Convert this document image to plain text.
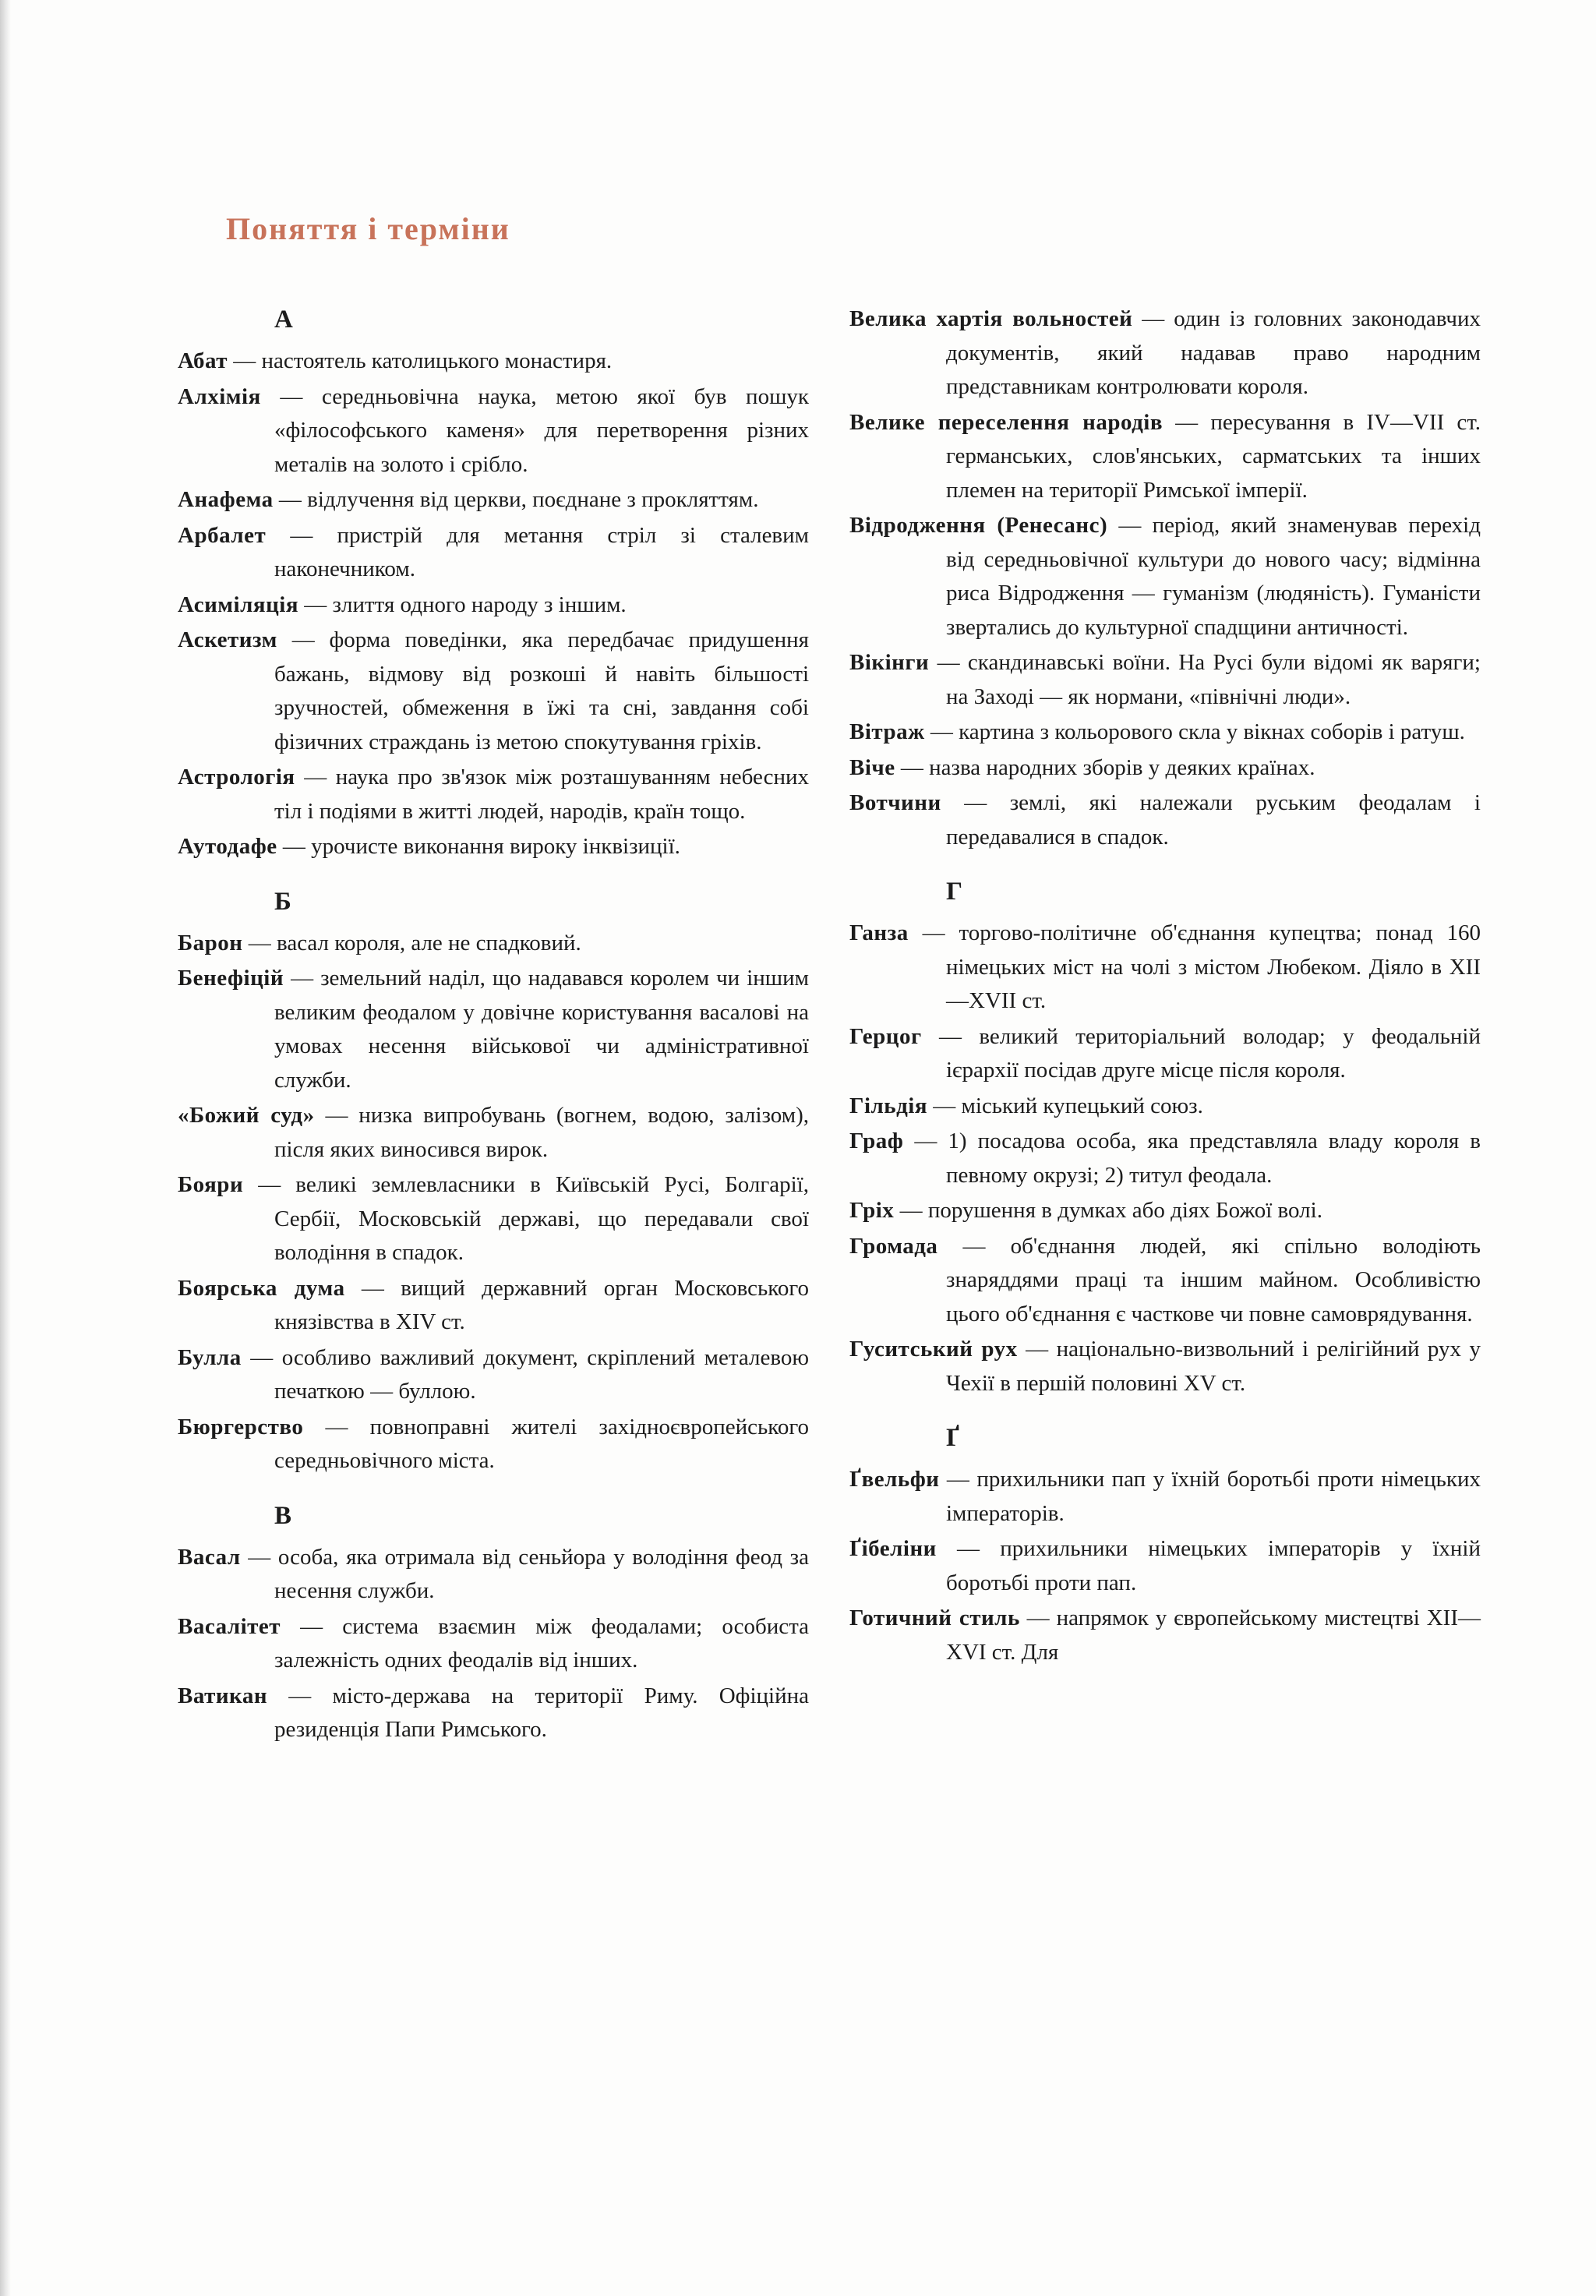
Поняття і терміни
А
Абат — настоятель католицького монастиря.
Алхімія — середньовічна наука, метою якої був пошук «філософського каменя» для перетворення різних металів на золото і срібло.
Анафема — відлучення від церкви, поєднане з прокляттям.
Арбалет — пристрій для метання стріл зі сталевим наконечником.
Асиміляція — злиття одного народу з іншим.
Аскетизм — форма поведінки, яка передбачає придушення бажань, відмову від розкоші й навіть більшості зручностей, обмеження в їжі та сні, завдання собі фізичних страждань із метою спокутування гріхів.
Астрологія — наука про зв'язок між розташуванням небесних тіл і подіями в житті людей, народів, країн тощо.
Аутодафе — урочисте виконання вироку інквізиції.
Б
Барон — васал короля, але не спадковий.
Бенефіцій — земельний наділ, що надавався королем чи іншим великим феодалом у довічне користування васалові на умовах несення військової чи адміністративної служби.
«Божий суд» — низка випробувань (вогнем, водою, залізом), після яких виносився вирок.
Бояри — великі землевласники в Київській Русі, Болгарії, Сербії, Московській державі, що передавали свої володіння в спадок.
Боярська дума — вищий державний орган Московського князівства в XIV ст.
Булла — особливо важливий документ, скріплений металевою печаткою — буллою.
Бюргерство — повноправні жителі західноєвропейського середньовічного міста.
В
Васал — особа, яка отримала від сеньйора у володіння феод за несення служби.
Васалітет — система взаємин між феодалами; особиста залежність одних феодалів від інших.
Ватикан — місто-держава на території Риму. Офіційна резиденція Папи Римського.
Велика хартія вольностей — один із головних законодавчих документів, який надавав право народним представникам контролювати короля.
Велике переселення народів — пересування в IV—VII ст. германських, слов'янських, сарматських та інших племен на території Римської імперії.
Відродження (Ренесанс) — період, який знаменував перехід від середньовічної культури до нового часу; відмінна риса Відродження — гуманізм (людяність). Гуманісти звертались до культурної спадщини античності.
Вікінги — скандинавські воїни. На Русі були відомі як варяги; на Заході — як нормани, «північні люди».
Вітраж — картина з кольорового скла у вікнах соборів і ратуш.
Віче — назва народних зборів у деяких країнах.
Вотчини — землі, які належали руським феодалам і передавалися в спадок.
Г
Ганза — торгово-політичне об'єднання купецтва; понад 160 німецьких міст на чолі з містом Любеком. Діяло в XII—XVII ст.
Герцог — великий територіальний володар; у феодальній ієрархії посідав друге місце після короля.
Гільдія — міський купецький союз.
Граф — 1) посадова особа, яка представляла владу короля в певному окрузі; 2) титул феодала.
Гріх — порушення в думках або діях Божої волі.
Громада — об'єднання людей, які спільно володіють знаряддями праці та іншим майном. Особливістю цього об'єднання є часткове чи повне самоврядування.
Гуситський рух — національно-визвольний і релігійний рух у Чехії в першій половині XV ст.
Ґ
Ґвельфи — прихильники пап у їхній боротьбі проти німецьких імператорів.
Ґібеліни — прихильники німецьких імператорів у їхній боротьбі проти пап.
Готичний стиль — напрямок у європейському мистецтві XII—XVI ст. Для
